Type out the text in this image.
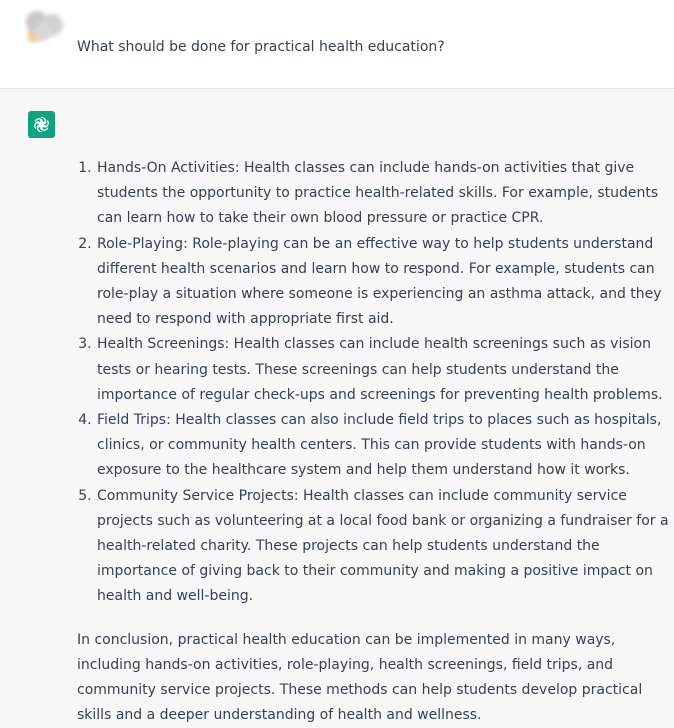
What should be done for practical health education?
1. Hands-On Activities: Health classes can include hands-on activities that give students the opportunity to practice health-related skills. For example, students can learn how to take their own blood pressure or practice CPR.
2. Role-Playing: Role-playing can be an effective way to help students understand different health scenarios and learn how to respond. For example, students can role-play a situation where someone is experiencing an asthma attack, and they need to respond with appropriate first aid.
3. Health Screenings: Health classes can include health screenings such as vision tests or hearing tests. These screenings can help students understand the importance of regular check-ups and screenings for preventing health problems.
4. Field Trips: Health classes can also include field trips to places such as hospitals, clinics, or community health centers. This can provide students with hands-on exposure to the healthcare system and help them understand how it works.
5. Community Service Projects: Health classes can include community service projects such as volunteering at a local food bank or organizing a fundraiser for a health-related charity. These projects can help students understand the importance of giving back to their community and making a positive impact on health and well-being.

In conclusion, practical health education can be implemented in many ways, including hands-on activities, role-playing, health screenings, field trips, and community service projects. These methods can help students develop practical skills and a deeper understanding of health and wellness.
